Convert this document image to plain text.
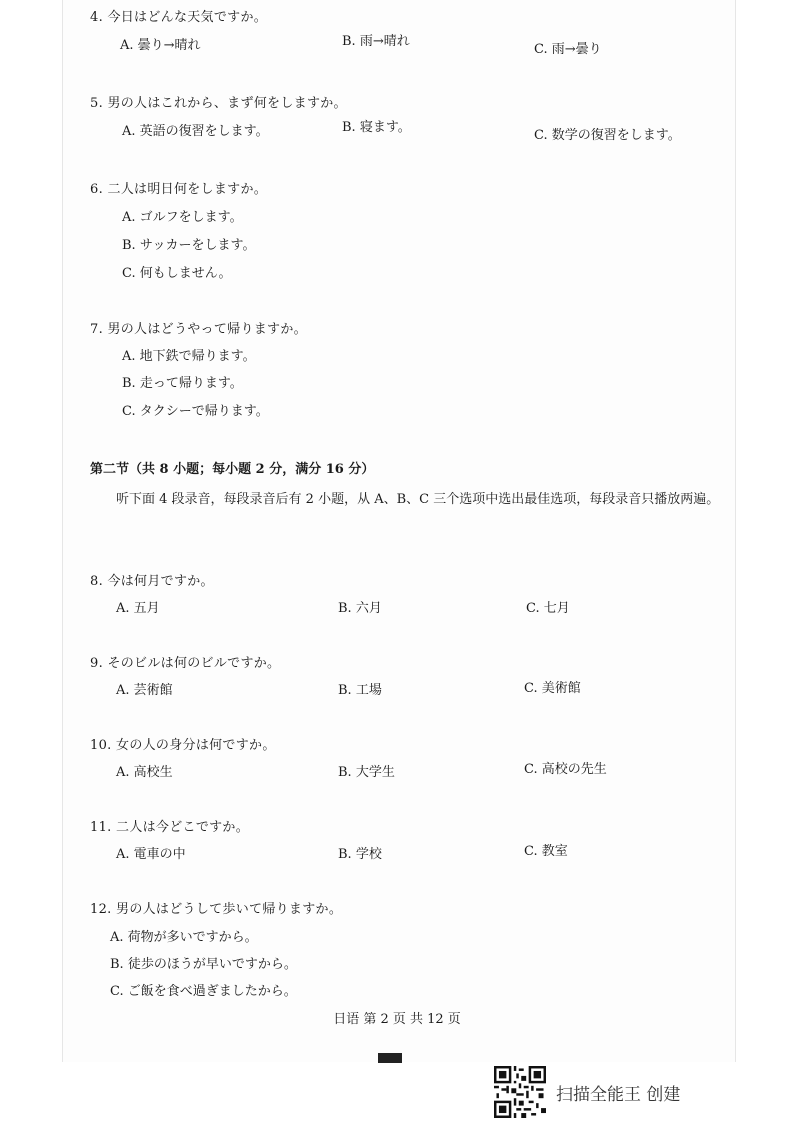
4. 今日はどんな天気ですか。
A. 曇り→晴れ	B. 雨→晴れ
C. 雨→曇り
5. 男の人はこれから、まず何をしますか。
A. 英語の復習をします。	B. 寝ます。
C. 数学の復習をします。
6. 二人は明日何をしますか。
A. ゴルフをします。
B. サッカーをします。
C. 何もしません。
7. 男の人はどうやって帰りますか。
A. 地下鉄で帰ります。
B. 走って帰ります。
C. タクシーで帰ります。
第二节（共 8 小题；每小题 2 分，满分 16 分）
听下面 4 段录音，每段录音后有 2 小题，从 A、B、C 三个选项中选出最佳选项，每段录音只播放两遍。
8. 今は何月ですか。
A. 五月	B. 六月	C. 七月
9. そのビルは何のビルですか。
A. 芸術館	B. 工場	C. 美術館
10. 女の人の身分は何ですか。
A. 高校生	B. 大学生	C. 高校の先生
11. 二人は今どこですか。
A. 電車の中	B. 学校	C. 教室
12. 男の人はどうして歩いて帰りますか。
A. 荷物が多いですから。
B. 徒歩のほうが早いですから。
C. ご飯を食べ過ぎましたから。
日语 第 2 页 共 12 页
扫描全能王 创建
